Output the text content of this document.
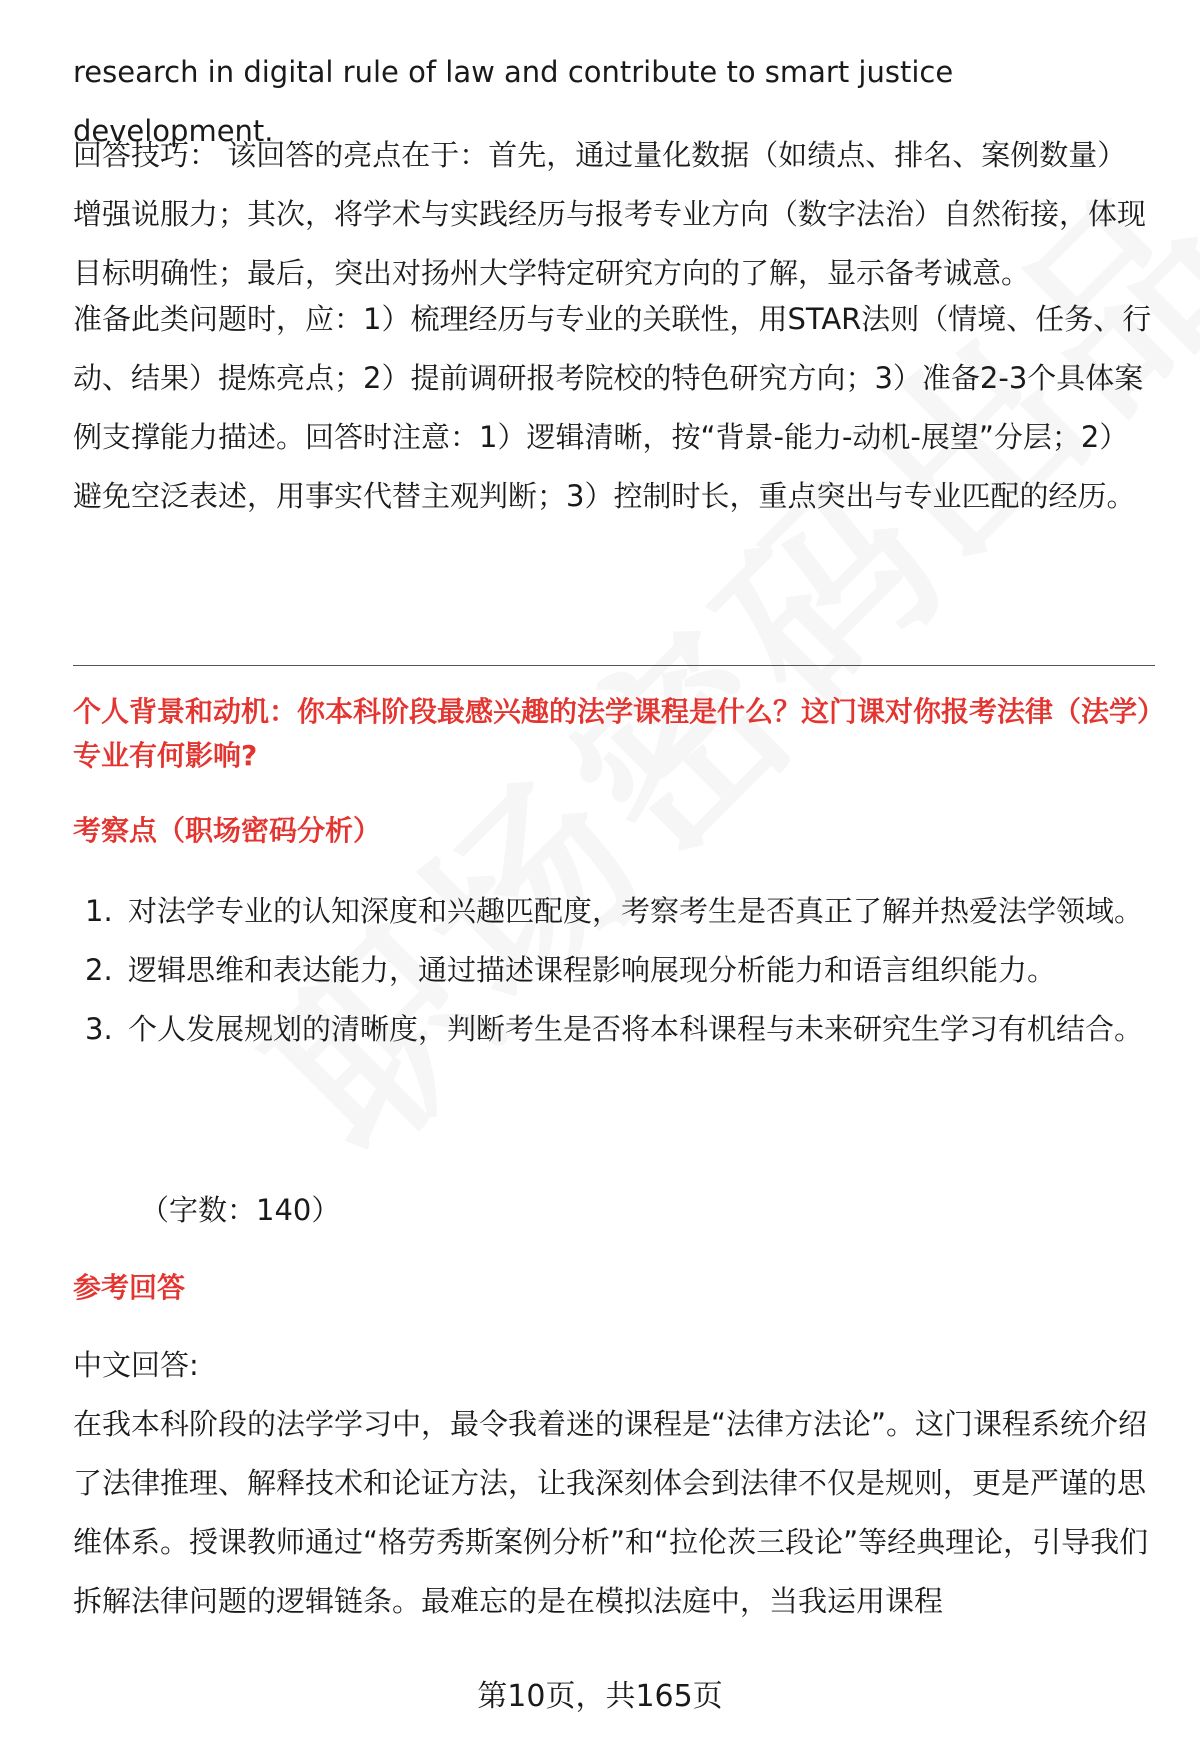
research in digital rule of law and contribute to smart justice development.

回答技巧： 该回答的亮点在于：首先，通过量化数据（如绩点、排名、案例数量）增强说服力；其次，将学术与实践经历与报考专业方向（数字法治）自然衔接，体现目标明确性；最后，突出对扬州大学特定研究方向的了解，显示备考诚意。

准备此类问题时，应：1）梳理经历与专业的关联性，用STAR法则（情境、任务、行动、结果）提炼亮点；2）提前调研报考院校的特色研究方向；3）准备2-3个具体案例支撑能力描述。回答时注意：1）逻辑清晰，按“背景-能力-动机-展望”分层；2）避免空泛表述，用事实代替主观判断；3）控制时长，重点突出与专业匹配的经历。

个人背景和动机：你本科阶段最感兴趣的法学课程是什么？这门课对你报考法律（法学）专业有何影响?

考察点（职场密码分析）

1. 对法学专业的认知深度和兴趣匹配度，考察考生是否真正了解并热爱法学领域。
2. 逻辑思维和表达能力，通过描述课程影响展现分析能力和语言组织能力。
3. 个人发展规划的清晰度，判断考生是否将本科课程与未来研究生学习有机结合。
（字数：140）

参考回答

中文回答:

在我本科阶段的法学学习中，最令我着迷的课程是“法律方法论”。这门课程系统介绍了法律推理、解释技术和论证方法，让我深刻体会到法律不仅是规则，更是严谨的思维体系。授课教师通过“格劳秀斯案例分析”和“拉伦茨三段论”等经典理论，引导我们拆解法律问题的逻辑链条。最难忘的是在模拟法庭中，当我运用课程

第10页，共165页
